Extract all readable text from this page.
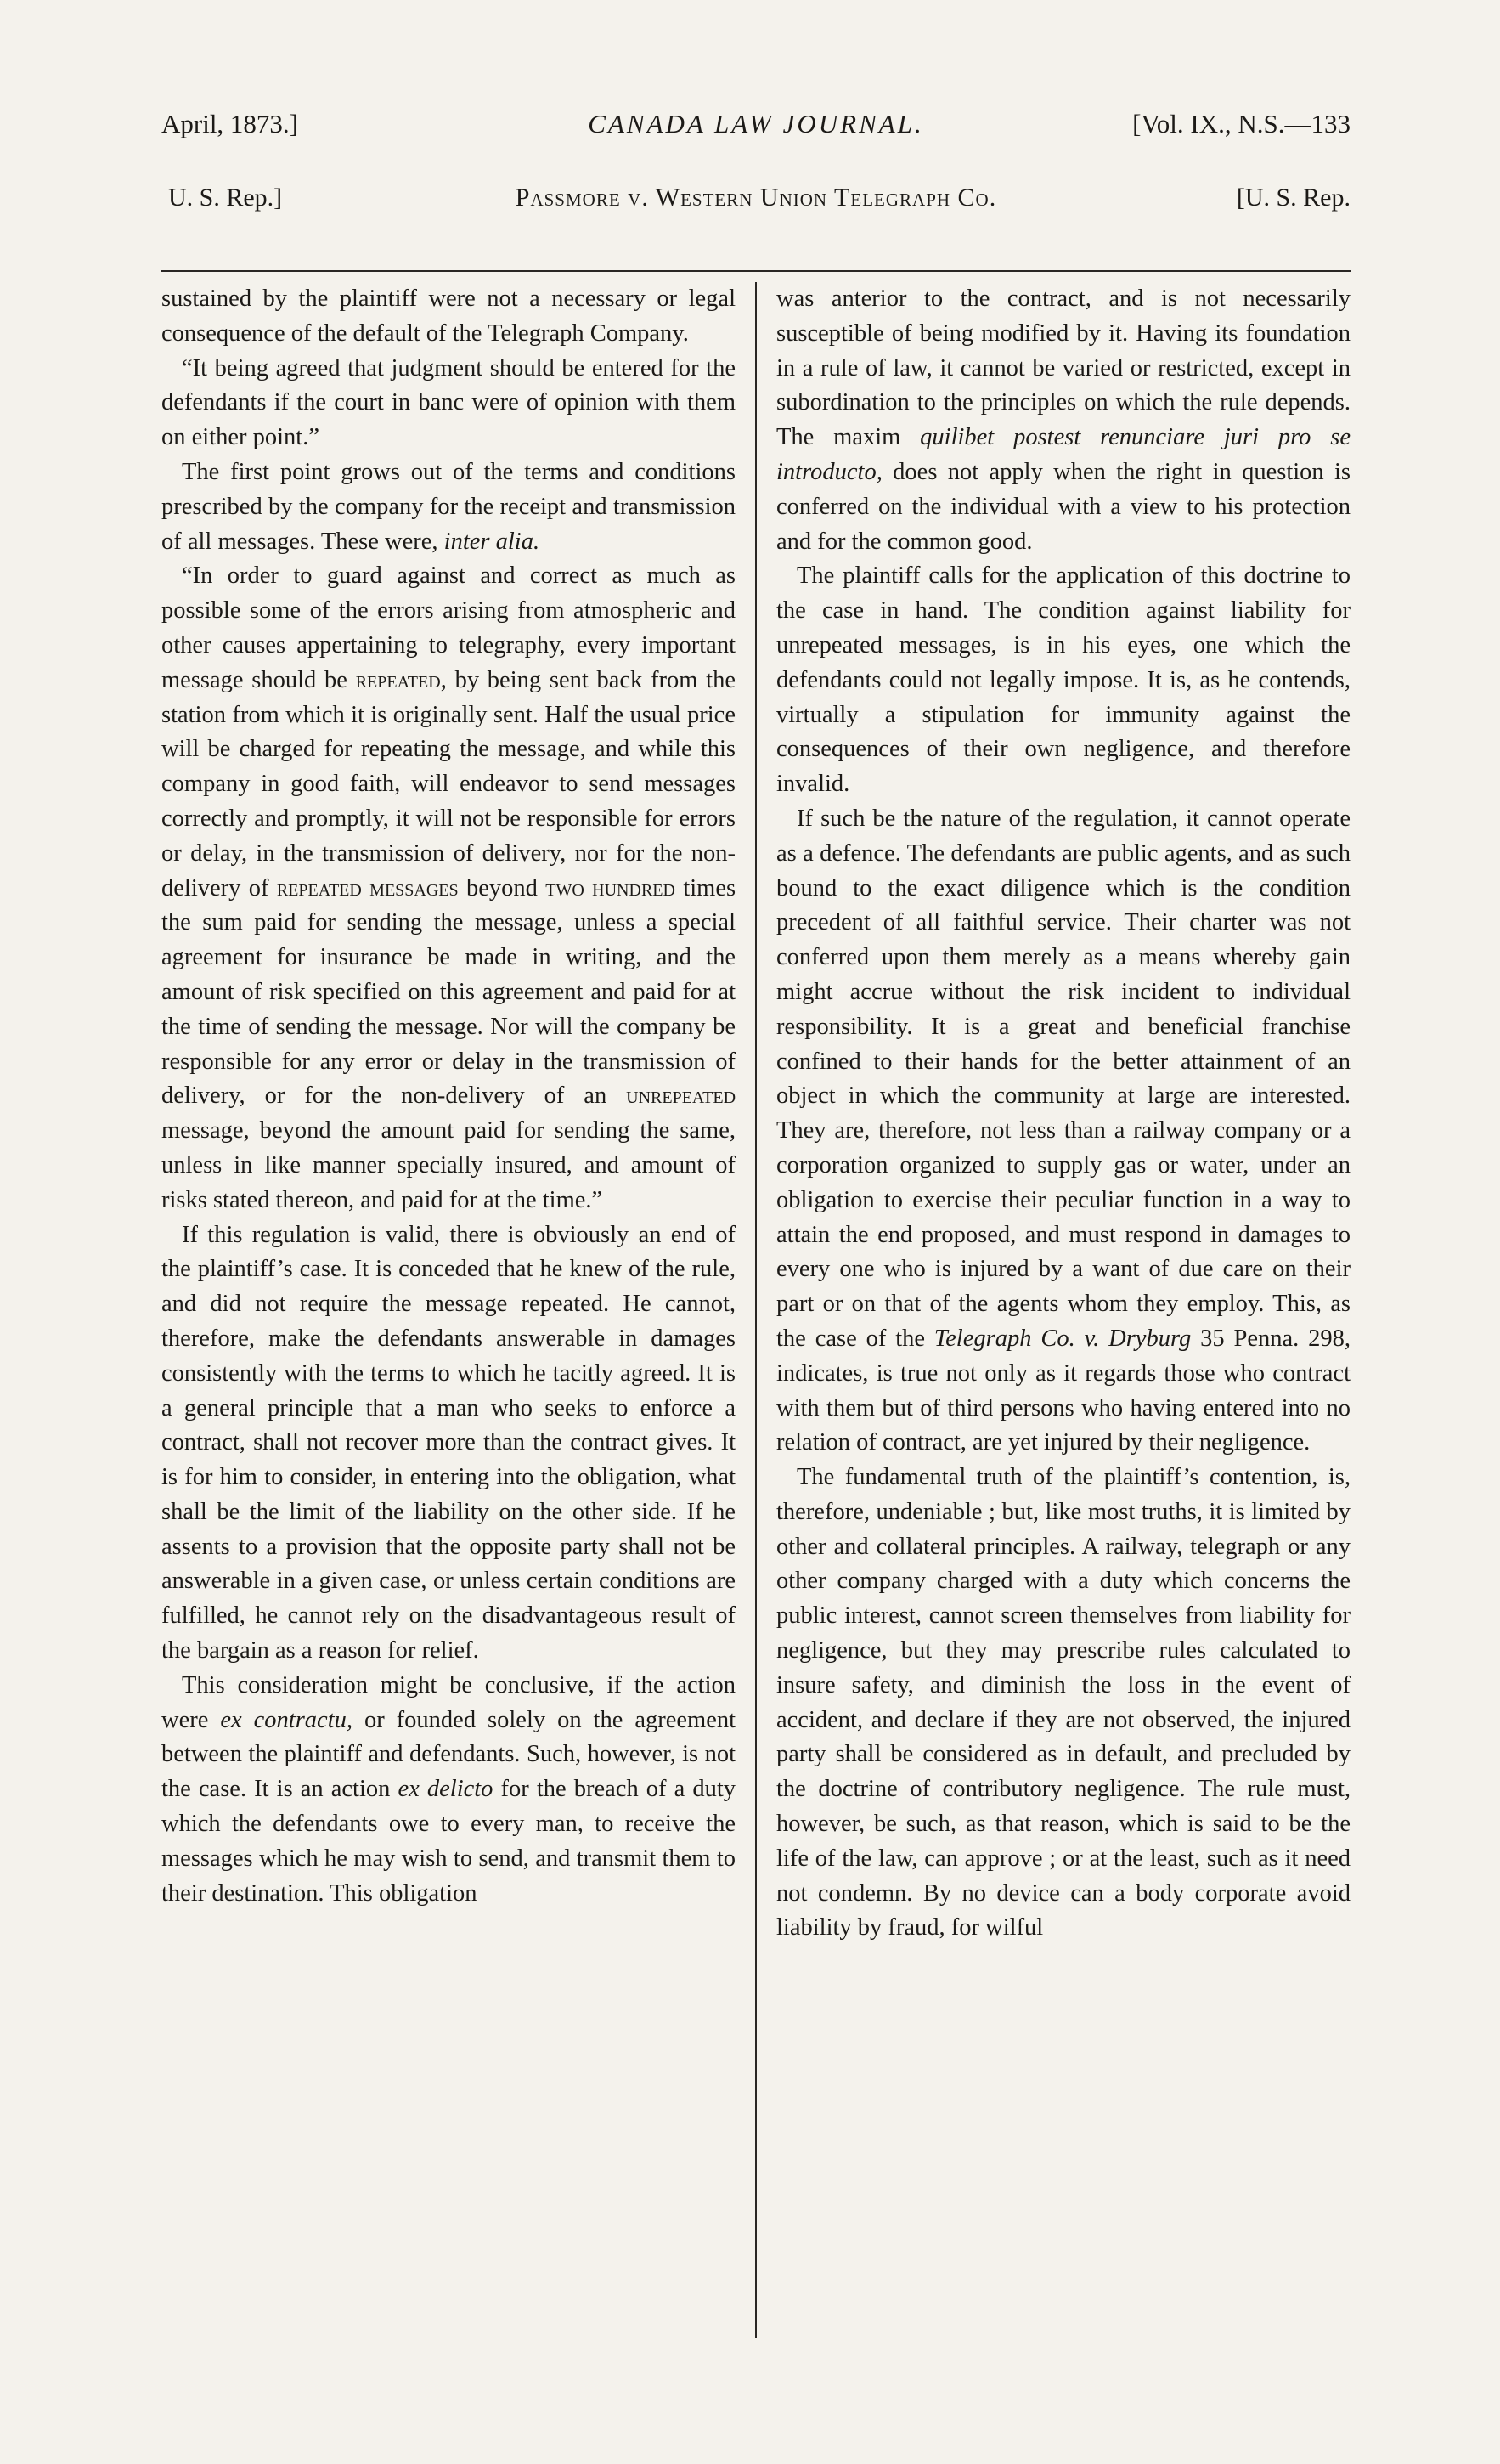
April, 1873.]	CANADA LAW JOURNAL.	[Vol. IX., N.S.—133
U. S. Rep.]	Passmore v. Western Union Telegraph Co.	[U. S. Rep.

sustained by the plaintiff were not a necessary or legal consequence of the default of the Telegraph Company.

“It being agreed that judgment should be entered for the defendants if the court in banc were of opinion with them on either point.”

The first point grows out of the terms and conditions prescribed by the company for the receipt and transmission of all messages. These were, inter alia.

“In order to guard against and correct as much as possible some of the errors arising from atmospheric and other causes appertaining to telegraphy, every important message should be repeated, by being sent back from the station from which it is originally sent. Half the usual price will be charged for repeating the message, and while this company in good faith, will endeavor to send messages correctly and promptly, it will not be responsible for errors or delay, in the transmission of delivery, nor for the non-delivery of repeated messages beyond two hundred times the sum paid for sending the message, unless a special agreement for insurance be made in writing, and the amount of risk specified on this agreement and paid for at the time of sending the message. Nor will the company be responsible for any error or delay in the transmission of delivery, or for the non-delivery of an unrepeated message, beyond the amount paid for sending the same, unless in like manner specially insured, and amount of risks stated thereon, and paid for at the time.”

If this regulation is valid, there is obviously an end of the plaintiff’s case. It is conceded that he knew of the rule, and did not require the message repeated. He cannot, therefore, make the defendants answerable in damages consistently with the terms to which he tacitly agreed. It is a general principle that a man who seeks to enforce a contract, shall not recover more than the contract gives. It is for him to consider, in entering into the obligation, what shall be the limit of the liability on the other side. If he assents to a provision that the opposite party shall not be answerable in a given case, or unless certain conditions are fulfilled, he cannot rely on the disadvantageous result of the bargain as a reason for relief.

This consideration might be conclusive, if the action were ex contractu, or founded solely on the agreement between the plaintiff and defendants. Such, however, is not the case. It is an action ex delicto for the breach of a duty which the defendants owe to every man, to receive the messages which he may wish to send, and transmit them to their destination. This obligation

was anterior to the contract, and is not necessarily susceptible of being modified by it. Having its foundation in a rule of law, it cannot be varied or restricted, except in subordination to the principles on which the rule depends. The maxim quilibet postest renunciare juri pro se introducto, does not apply when the right in question is conferred on the individual with a view to his protection and for the common good.

The plaintiff calls for the application of this doctrine to the case in hand. The condition against liability for unrepeated messages, is in his eyes, one which the defendants could not legally impose. It is, as he contends, virtually a stipulation for immunity against the consequences of their own negligence, and therefore invalid.

If such be the nature of the regulation, it cannot operate as a defence. The defendants are public agents, and as such bound to the exact diligence which is the condition precedent of all faithful service. Their charter was not conferred upon them merely as a means whereby gain might accrue without the risk incident to individual responsibility. It is a great and beneficial franchise confined to their hands for the better attainment of an object in which the community at large are interested. They are, therefore, not less than a railway company or a corporation organized to supply gas or water, under an obligation to exercise their peculiar function in a way to attain the end proposed, and must respond in damages to every one who is injured by a want of due care on their part or on that of the agents whom they employ. This, as the case of the Telegraph Co. v. Dryburg 35 Penna. 298, indicates, is true not only as it regards those who contract with them but of third persons who having entered into no relation of contract, are yet injured by their negligence.

The fundamental truth of the plaintiff’s contention, is, therefore, undeniable ; but, like most truths, it is limited by other and collateral principles. A railway, telegraph or any other company charged with a duty which concerns the public interest, cannot screen themselves from liability for negligence, but they may prescribe rules calculated to insure safety, and diminish the loss in the event of accident, and declare if they are not observed, the injured party shall be considered as in default, and precluded by the doctrine of contributory negligence. The rule must, however, be such, as that reason, which is said to be the life of the law, can approve ; or at the least, such as it need not condemn. By no device can a body corporate avoid liability by fraud, for wilful
